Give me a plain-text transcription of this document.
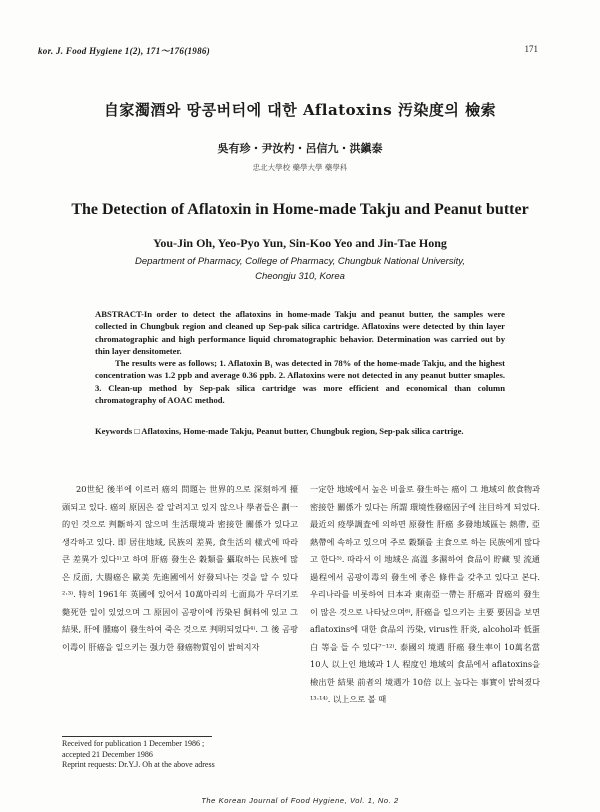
kor. J. Food Hygiene 1(2), 171～176(1986)	171
自家濁酒와 땅콩버터에 대한 Aflatoxins 汚染度의 檢索
吳有珍・尹汝杓・呂信九・洪鎭泰
忠北大學校 藥學大學 藥學科
The Detection of Aflatoxin in Home-made Takju and Peanut butter
You-Jin Oh, Yeo-Pyo Yun, Sin-Koo Yeo and Jin-Tae Hong
Department of Pharmacy, College of Pharmacy, Chungbuk National University,
Cheongju 310, Korea

ABSTRACT-In order to detect the aflatoxins in home-made Takju and peanut butter, the samples were collected in Chungbuk region and cleaned up Sep-pak silica cartridge. Aflatoxins were detected by thin layer chromatographic and high performance liquid chromatographic behavior. Determination was carried out by thin layer densitometer.

The results were as follows; 1. Aflatoxin B₁ was detected in 78% of the home-made Takju, and the highest concentration was 1.2 ppb and average 0.36 ppb. 2. Aflatoxins were not detected in any peanut butter smaples. 3. Clean-up method by Sep-pak silica cartridge was more efficient and economical than column chromatography of AOAC method.

Keywords □ Aflatoxins, Home-made Takju, Peanut butter, Chungbuk region, Sep-pak silica cartrige.

20世紀 後半에 이르러 癌의 問題는 世界的으로 深刻하게 擡頭되고 있다. 癌의 原因은 잘 알려지고 있지 않으나 學者들은 劃一的인 것으로 判斷하지 않으며 生活環境과 密接한 關係가 있다고 생각하고 있다. 即 居住地域, 民族의 差異, 食生活의 樣式에 따라 큰 差異가 있다¹⁾고 하며 肝癌 發生은 穀類를 攝取하는 民族에 많은 反面, 大腸癌은 歐美 先進國에서 好發되나는 것을 알 수 있다²·³⁾. 特히 1961年 英國에 있어서 10萬마리의 七面鳥가 무더기로 斃死한 일이 있었으며 그 原因이 곰팡이에 汚染된 飼料에 있고 그 結果, 肝에 腫瘍이 發生하여 죽은 것으로 判明되었다⁴⁾. 그 後 곰팡이毒이 肝癌을 일으키는 强力한 發癌物質임이 밝혀지자

一定한 地域에서 높은 비율로 發生하는 癌이 그 地域의 飲食物과 密接한 關係가 있다는 所謂 環境性發癌因子에 注目하게 되었다. 最近의 疫學調査에 의하면 原發性 肝癌 多發地域區는 熱帶, 亞熱帶에 속하고 있으며 주로 穀類를 主食으로 하는 民族에게 많다고 한다⁵⁾. 따라서 이 地域은 高溫 多濕하여 食品이 貯藏 및 流通過程에서 곰팡이毒의 發生에 좋은 條件을 갖추고 있다고 본다. 우리나라를 비롯하여 日本과 東南亞一帶는 肝癌과 胃癌의 發生이 많은 것으로 나타났으며⁶⁾, 肝癌을 일으키는 主要 要因을 보면 aflatoxins에 대한 食品의 汚染, virus性 肝炎, alcohol과 低蛋白 等을 들 수 있다⁷⁻¹²⁾. 泰國의 境遇 肝癌 發生率이 10萬名當 10人 以上인 地域과 1人 程度인 地域의 食品에서 aflatoxins을 檢出한 結果 前者의 境遇가 10倍 以上 높다는 事實이 밝혀졌다¹³·¹⁴⁾. 以上으로 볼 때

Received for publication 1 December 1986 ;

accepted 21 December 1986

Reprint requests: Dr.Y.J. Oh at the above adress

The Korean Journal of Food Hygiene, Vol. 1, No. 2
